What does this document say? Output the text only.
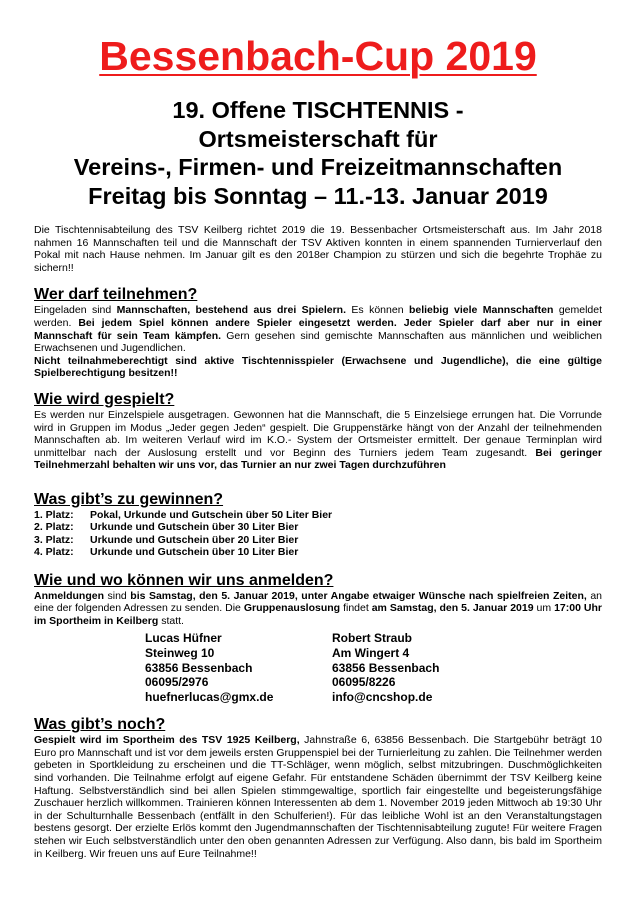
Bessenbach-Cup 2019
19. Offene TISCHTENNIS -
Ortsmeisterschaft für
Vereins-, Firmen- und Freizeitmannschaften
Freitag bis Sonntag – 11.-13. Januar 2019

Die Tischtennisabteilung des TSV Keilberg richtet 2019 die 19. Bessenbacher Ortsmeisterschaft aus. Im Jahr 2018 nahmen 16 Mannschaften teil und die Mannschaft der TSV Aktiven konnten in einem spannenden Turnierverlauf den Pokal mit nach Hause nehmen. Im Januar gilt es den 2018er Champion zu stürzen und sich die begehrte Trophäe zu sichern!!

Wer darf teilnehmen?

Eingeladen sind Mannschaften, bestehend aus drei Spielern. Es können beliebig viele Mannschaften gemeldet werden. Bei jedem Spiel können andere Spieler eingesetzt werden. Jeder Spieler darf aber nur in einer Mannschaft für sein Team kämpfen. Gern gesehen sind gemischte Mannschaften aus männlichen und weiblichen Erwachsenen und Jugendlichen.

Nicht teilnahmeberechtigt sind aktive Tischtennisspieler (Erwachsene und Jugendliche), die eine gültige Spielberechtigung besitzen!!

Wie wird gespielt?

Es werden nur Einzelspiele ausgetragen. Gewonnen hat die Mannschaft, die 5 Einzelsiege errungen hat. Die Vorrunde wird in Gruppen im Modus „Jeder gegen Jeden“ gespielt. Die Gruppenstärke hängt von der Anzahl der teilnehmenden Mannschaften ab. Im weiteren Verlauf wird im K.O.- System der Ortsmeister ermittelt. Der genaue Terminplan wird unmittelbar nach der Auslosung erstellt und vor Beginn des Turniers jedem Team zugesandt. Bei geringer Teilnehmerzahl behalten wir uns vor, das Turnier an nur zwei Tagen durchzuführen

Was gibt’s zu gewinnen?
1. Platz:	Pokal, Urkunde und Gutschein über 50 Liter Bier
2. Platz:	Urkunde und Gutschein über 30 Liter Bier
3. Platz:	Urkunde und Gutschein über 20 Liter Bier
4. Platz:	Urkunde und Gutschein über 10 Liter Bier
Wie und wo können wir uns anmelden?

Anmeldungen sind bis Samstag, den 5. Januar 2019, unter Angabe etwaiger Wünsche nach spielfreien Zeiten, an eine der folgenden Adressen zu senden. Die Gruppenauslosung findet am Samstag, den 5. Januar 2019 um 17:00 Uhr im Sportheim in Keilberg statt.

Lucas Hüfner
Steinweg 10
63856 Bessenbach
06095/2976
huefnerlucas@gmx.de
Robert Straub
Am Wingert 4
63856 Bessenbach
06095/8226
info@cncshop.de
Was gibt’s noch?

Gespielt wird im Sportheim des TSV 1925 Keilberg, Jahnstraße 6, 63856 Bessenbach. Die Startgebühr beträgt 10 Euro pro Mannschaft und ist vor dem jeweils ersten Gruppenspiel bei der Turnierleitung zu zahlen. Die Teilnehmer werden gebeten in Sportkleidung zu erscheinen und die TT-Schläger, wenn möglich, selbst mitzubringen. Duschmöglichkeiten sind vorhanden. Die Teilnahme erfolgt auf eigene Gefahr. Für entstandene Schäden übernimmt der TSV Keilberg keine Haftung. Selbstverständlich sind bei allen Spielen stimmgewaltige, sportlich fair eingestellte und begeisterungsfähige Zuschauer herzlich willkommen. Trainieren können Interessenten ab dem 1. November 2019 jeden Mittwoch ab 19:30 Uhr in der Schulturnhalle Bessenbach (entfällt in den Schulferien!). Für das leibliche Wohl ist an den Veranstaltungstagen bestens gesorgt. Der erzielte Erlös kommt den Jugendmannschaften der Tischtennisabteilung zugute! Für weitere Fragen stehen wir Euch selbstverständlich unter den oben genannten Adressen zur Verfügung. Also dann, bis bald im Sportheim in Keilberg. Wir freuen uns auf Eure Teilnahme!!
